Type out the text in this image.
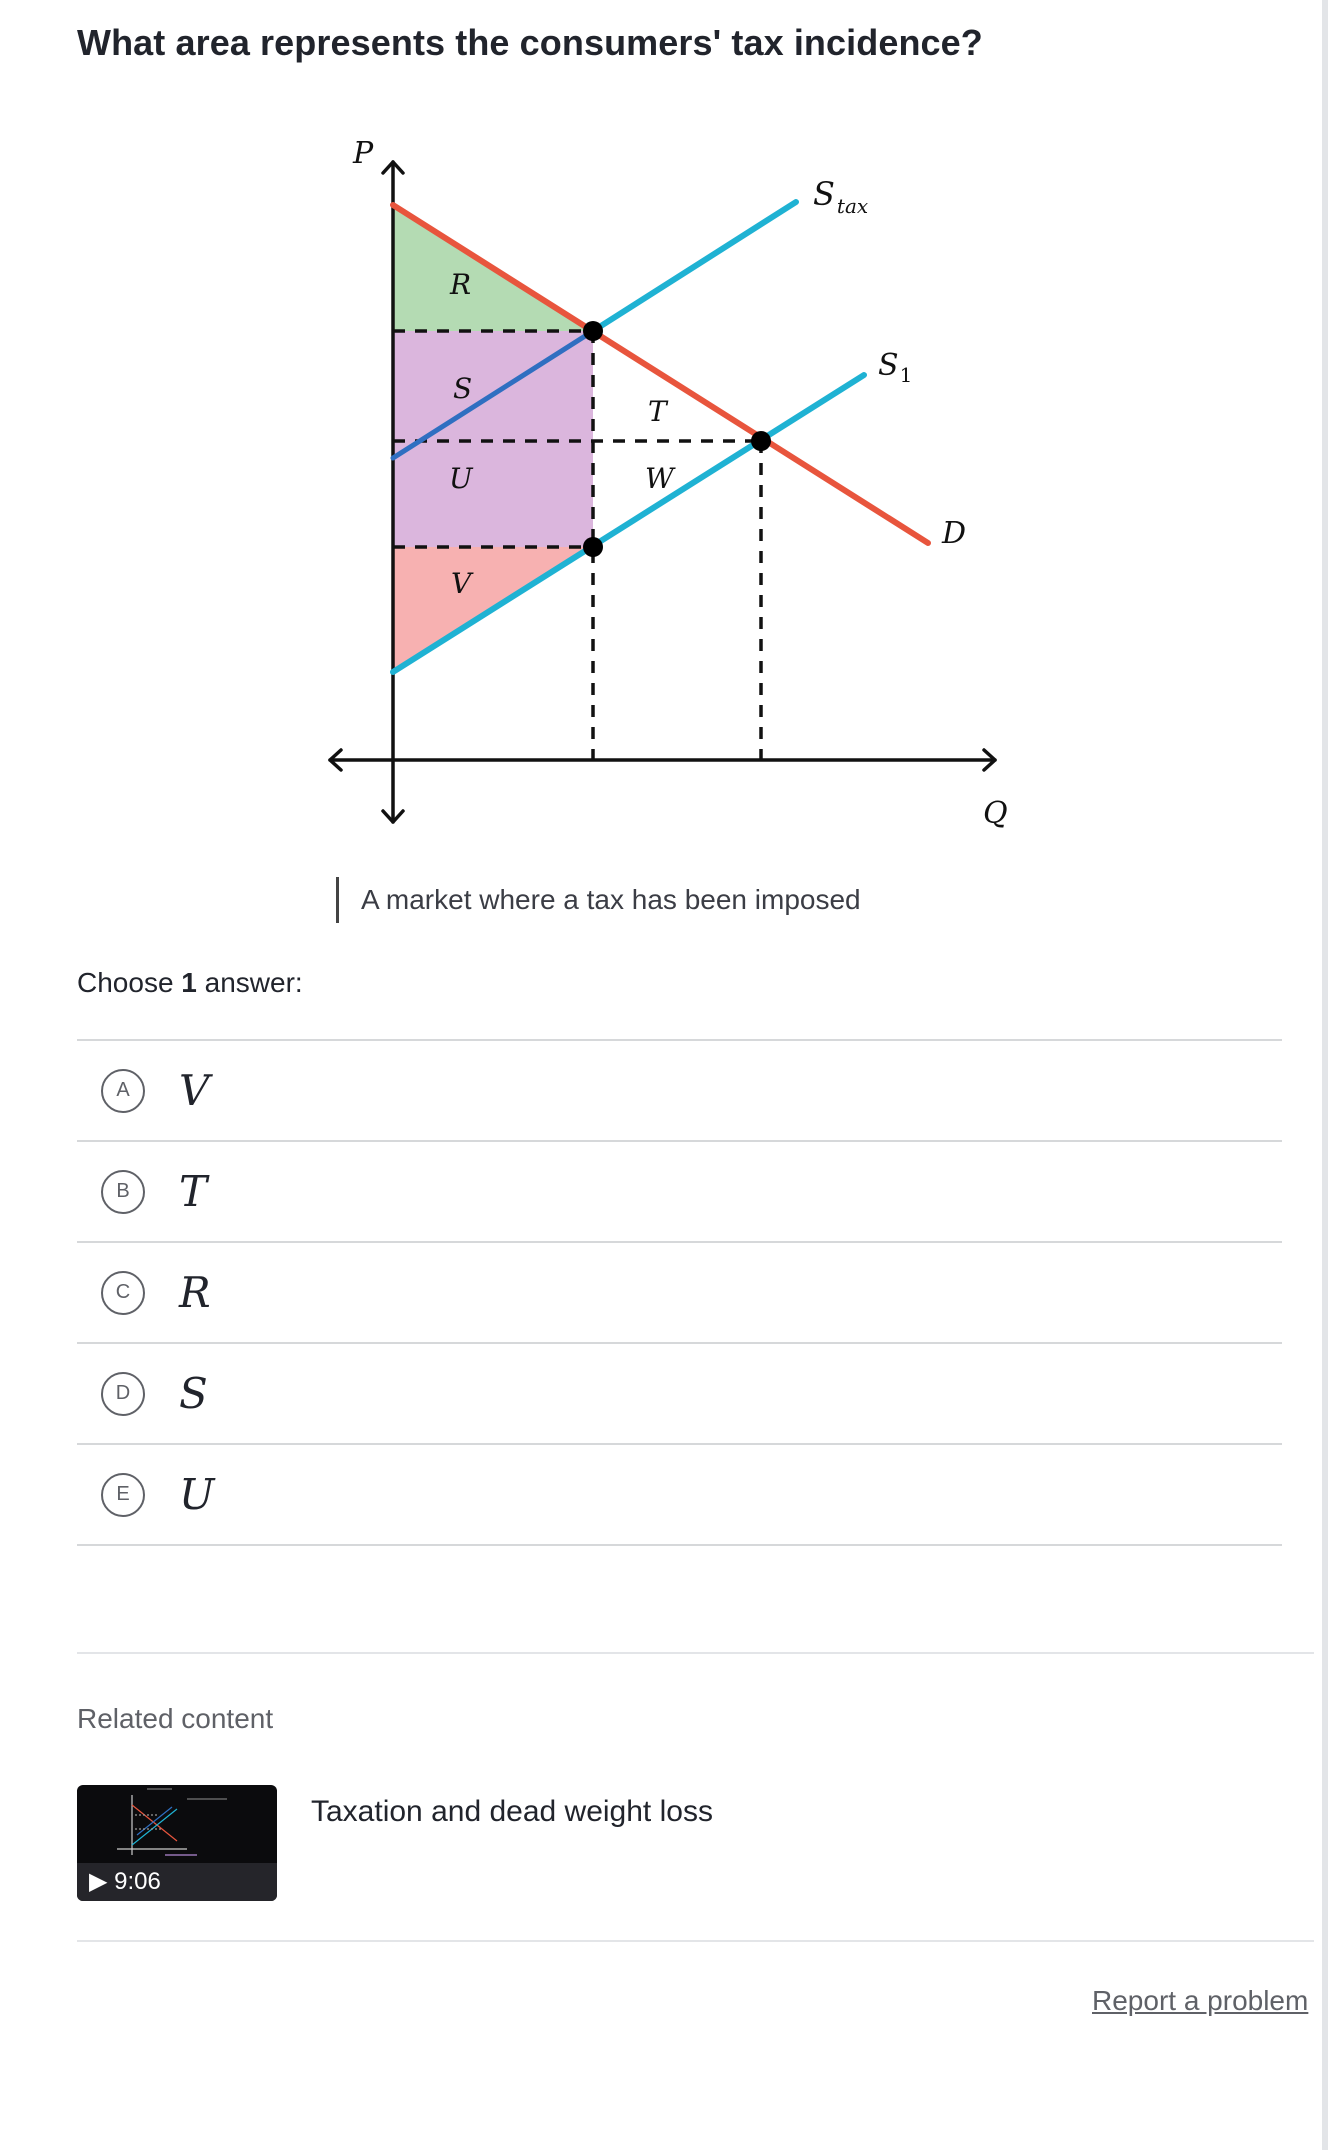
What area represents the consumers' tax incidence?
P
Q
S $_{tax}$
$S_1$
D
R
S
T
U	W
V
A market where a tax has been imposed
Choose 1 answer:
A	V
B	T
C	R
D	S
E	U
Related content
▶ 9:06
Taxation and dead weight loss
Report a problem
